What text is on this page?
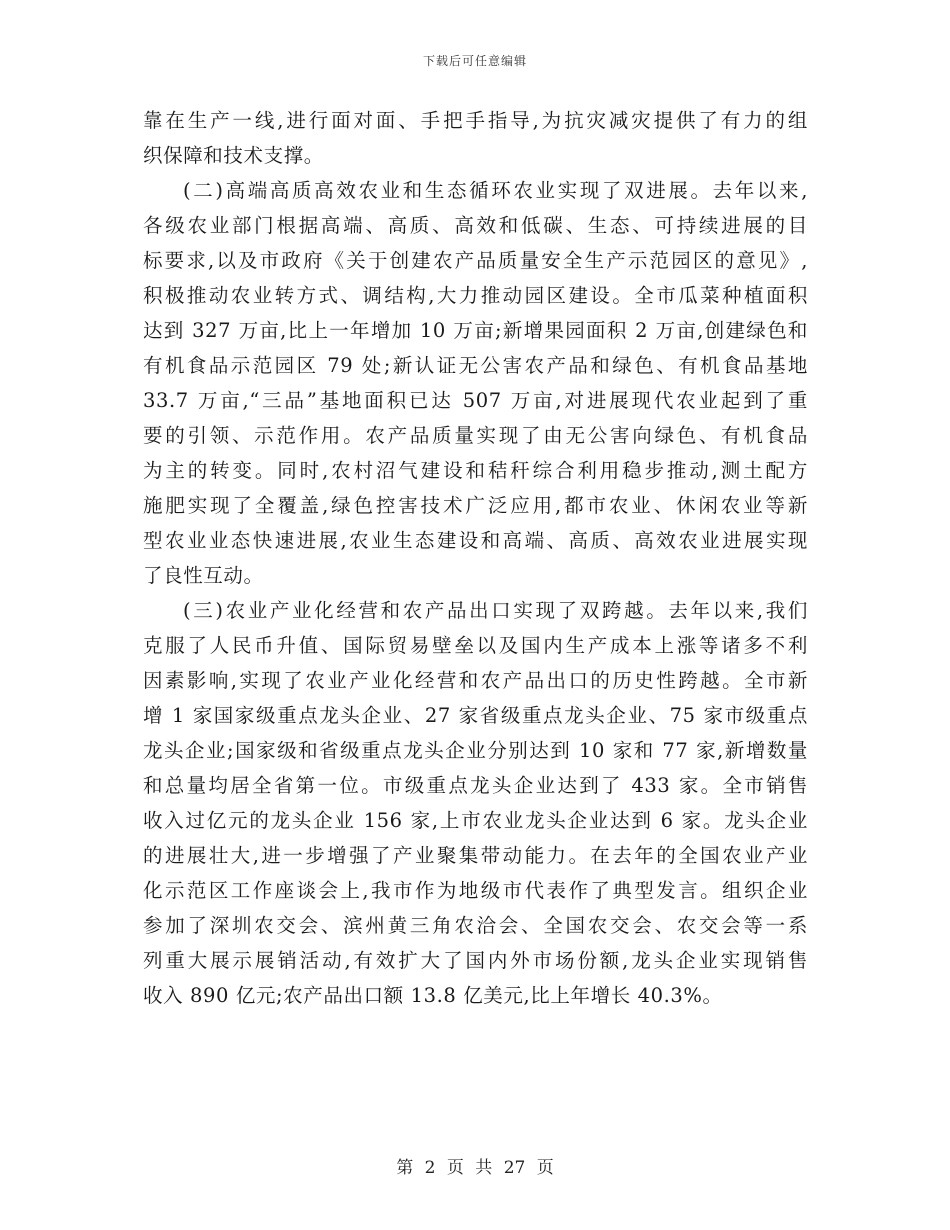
下载后可任意编辑

靠在生产一线,进行面对面、手把手指导,为抗灾减灾提供了有力的组
织保障和技术支撑。

(二)高端高质高效农业和生态循环农业实现了双进展。去年以来,
各级农业部门根据高端、高质、高效和低碳、生态、可持续进展的目
标要求,以及市政府《关于创建农产品质量安全生产示范园区的意见》,
积极推动农业转方式、调结构,大力推动园区建设。全市瓜菜种植面积
达到 327 万亩,比上一年增加 10 万亩;新增果园面积 2 万亩,创建绿色和
有机食品示范园区 79 处;新认证无公害农产品和绿色、有机食品基地
33.7 万亩,“三品”基地面积已达 507 万亩,对进展现代农业起到了重
要的引领、示范作用。农产品质量实现了由无公害向绿色、有机食品
为主的转变。同时,农村沼气建设和秸秆综合利用稳步推动,测土配方
施肥实现了全覆盖,绿色控害技术广泛应用,都市农业、休闲农业等新
型农业业态快速进展,农业生态建设和高端、高质、高效农业进展实现
了良性互动。

(三)农业产业化经营和农产品出口实现了双跨越。去年以来,我们
克服了人民币升值、国际贸易壁垒以及国内生产成本上涨等诸多不利
因素影响,实现了农业产业化经营和农产品出口的历史性跨越。全市新
增 1 家国家级重点龙头企业、27 家省级重点龙头企业、75 家市级重点
龙头企业;国家级和省级重点龙头企业分别达到 10 家和 77 家,新增数量
和总量均居全省第一位。市级重点龙头企业达到了 433 家。全市销售
收入过亿元的龙头企业 156 家,上市农业龙头企业达到 6 家。龙头企业
的进展壮大,进一步增强了产业聚集带动能力。在去年的全国农业产业
化示范区工作座谈会上,我市作为地级市代表作了典型发言。组织企业
参加了深圳农交会、滨州黄三角农洽会、全国农交会、农交会等一系
列重大展示展销活动,有效扩大了国内外市场份额,龙头企业实现销售
收入 890 亿元;农产品出口额 13.8 亿美元,比上年增长 40.3%。

第 2 页 共 27 页
